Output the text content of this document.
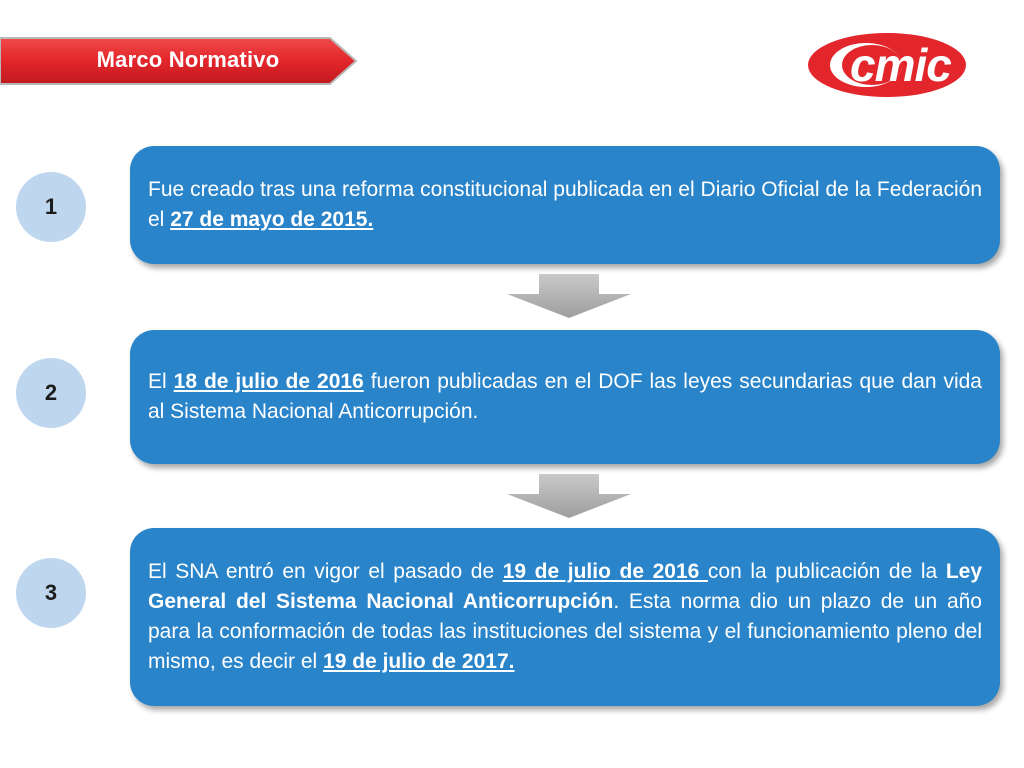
Marco Normativo	cmic
1
Fue creado tras una reforma constitucional publicada en el Diario Oficial de la Federación el 27 de mayo de 2015.
2	El 18 de julio de 2016 fueron publicadas en el DOF las leyes secundarias que dan vida al Sistema Nacional Anticorrupción.
3
El SNA entró en vigor el pasado de 19 de julio de 2016 con la publicación de la Ley General del Sistema Nacional Anticorrupción. Esta norma dio un plazo de un año para la conformación de todas las instituciones del sistema y el funcionamiento pleno del mismo, es decir el 19 de julio de 2017.
